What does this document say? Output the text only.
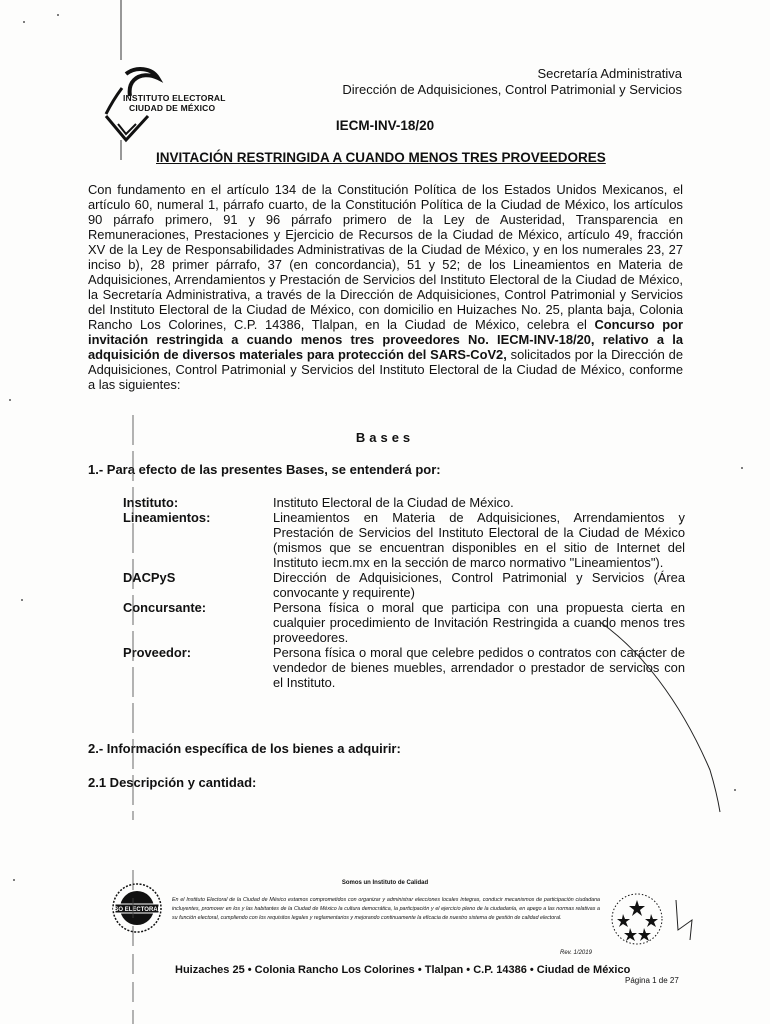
INSTITUTO ELECTORAL
CIUDAD DE MÉXICO
Secretaría Administrativa
Dirección de Adquisiciones, Control Patrimonial y Servicios
IECM-INV-18/20
INVITACIÓN RESTRINGIDA A CUANDO MENOS TRES PROVEEDORES
Con fundamento en el artículo 134 de la Constitución Política de los Estados Unidos Mexicanos, el artículo 60, numeral 1, párrafo cuarto, de la Constitución Política de la Ciudad de México, los artículos 90 párrafo primero, 91 y 96 párrafo primero de la Ley de Austeridad, Transparencia en Remuneraciones, Prestaciones y Ejercicio de Recursos de la Ciudad de México, artículo 49, fracción XV de la Ley de Responsabilidades Administrativas de la Ciudad de México, y en los numerales 23, 27 inciso b), 28 primer párrafo, 37 (en concordancia), 51 y 52; de los Lineamientos en Materia de Adquisiciones, Arrendamientos y Prestación de Servicios del Instituto Electoral de la Ciudad de México, la Secretaría Administrativa, a través de la Dirección de Adquisiciones, Control Patrimonial y Servicios del Instituto Electoral de la Ciudad de México, con domicilio en Huizaches No. 25, planta baja, Colonia Rancho Los Colorines, C.P. 14386, Tlalpan, en la Ciudad de México, celebra el Concurso por invitación restringida a cuando menos tres proveedores No. IECM-INV-18/20, relativo a la adquisición de diversos materiales para protección del SARS-CoV2, solicitados por la Dirección de Adquisiciones, Control Patrimonial y Servicios del Instituto Electoral de la Ciudad de México, conforme a las siguientes:
Bases
1.- Para efecto de las presentes Bases, se entenderá por:
Instituto:	Instituto Electoral de la Ciudad de México.
Lineamientos:	Lineamientos en Materia de Adquisiciones, Arrendamientos y Prestación de Servicios del Instituto Electoral de la Ciudad de México (mismos que se encuentran disponibles en el sitio de Internet del Instituto iecm.mx en la sección de marco normativo "Lineamientos").
DACPyS	Dirección de Adquisiciones, Control Patrimonial y Servicios (Área convocante y requirente)
Concursante:	Persona física o moral que participa con una propuesta cierta en cualquier procedimiento de Invitación Restringida a cuando menos tres proveedores.
Proveedor:	Persona física o moral que celebre pedidos o contratos con carácter de vendedor de bienes muebles, arrendador o prestador de servicios con el Instituto.
2.- Información específica de los bienes a adquirir:
2.1 Descripción y cantidad:
ISO ELECTORAL
Somos un Instituto de Calidad
En el Instituto Electoral de la Ciudad de México estamos comprometidos con organizar y administrar elecciones locales íntegras, conducir mecanismos de participación ciudadana incluyentes, promover en los y las habitantes de la Ciudad de México la cultura democrática, la participación y el ejercicio pleno de la ciudadanía, en apego a las normas relativas a su función electoral, cumpliendo con los requisitos legales y reglamentarios y mejorando continuamente la eficacia de nuestro sistema de gestión de calidad electoral.
Rev. 1/2019
Huizaches 25 • Colonia Rancho Los Colorines • Tlalpan • C.P. 14386 • Ciudad de México
Página 1 de 27
